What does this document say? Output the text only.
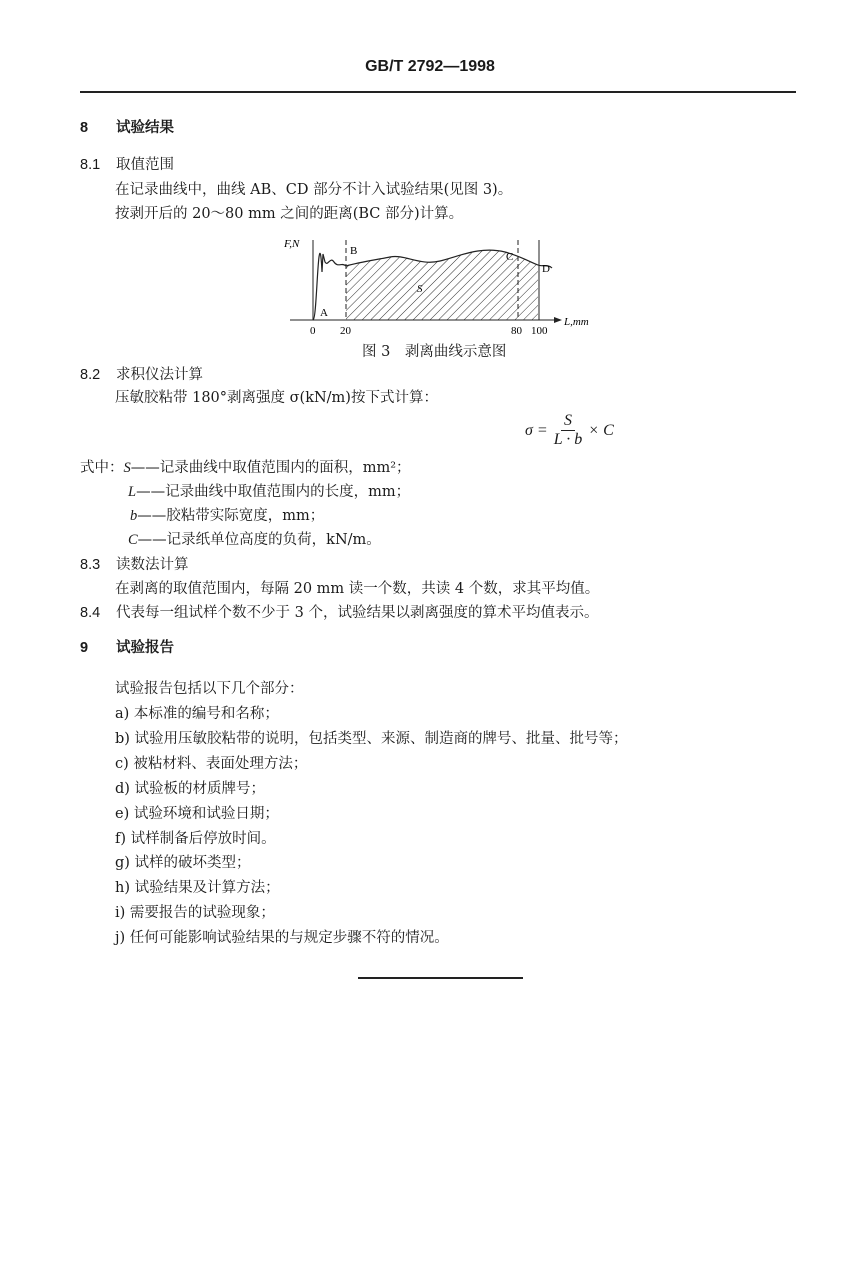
GB/T 2792—1998
8 试验结果
8.1 取值范围
在记录曲线中，曲线 AB、CD 部分不计入试验结果(见图 3)。
按剥开后的 20～80 mm 之间的距离(BC 部分)计算。
F,N
B
A
C
D
S
L,mm
0 20	80 100
图 3　剥离曲线示意图
8.2 求积仪法计算
压敏胶粘带 180°剥离强度 σ(kN/m)按下式计算：
$\sigma = \frac{S}{L \cdot b} \times C$
式中：S——记录曲线中取值范围内的面积，mm²；
L——记录曲线中取值范围内的长度，mm；
b——胶粘带实际宽度，mm；
C——记录纸单位高度的负荷，kN/m。
8.3 读数法计算
在剥离的取值范围内，每隔 20 mm 读一个数，共读 4 个数，求其平均值。
8.4 代表每一组试样个数不少于 3 个，试验结果以剥离强度的算术平均值表示。
9 试验报告
试验报告包括以下几个部分：
a) 本标准的编号和名称；
b) 试验用压敏胶粘带的说明，包括类型、来源、制造商的牌号、批量、批号等；
c) 被粘材料、表面处理方法；
d) 试验板的材质牌号；
e) 试验环境和试验日期；
f) 试样制备后停放时间。
g) 试样的破坏类型；
h) 试验结果及计算方法；
i) 需要报告的试验现象；
j) 任何可能影响试验结果的与规定步骤不符的情况。
